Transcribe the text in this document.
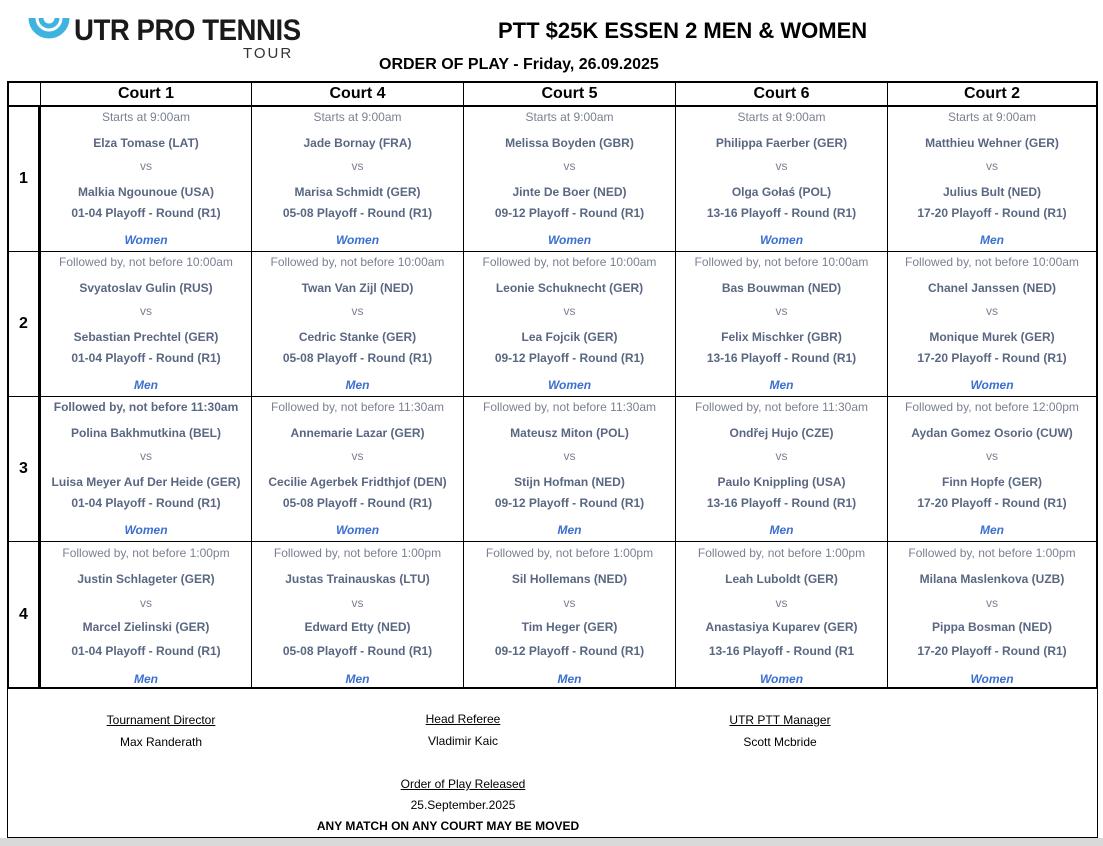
UTR PRO TENNIS
TOUR
PTT $25K ESSEN 2 MEN & WOMEN
ORDER OF PLAY - Friday, 26.09.2025
Court 1	Court 4	Court 5	Court 6	Court 2
1
Starts at 9:00am
Elza Tomase (LAT)
vs
Malkia Ngounoue (USA)
01-04 Playoff - Round (R1)
Women
Starts at 9:00am
Jade Bornay (FRA)
vs
Marisa Schmidt (GER)
05-08 Playoff - Round (R1)
Women
Starts at 9:00am
Melissa Boyden (GBR)
vs
Jinte De Boer (NED)
09-12 Playoff - Round (R1)
Women
Starts at 9:00am
Philippa Faerber (GER)
vs
Olga Gołaś (POL)
13-16 Playoff - Round (R1)
Women
Starts at 9:00am
Matthieu Wehner (GER)
vs
Julius Bult (NED)
17-20 Playoff - Round (R1)
Men
2
Followed by, not before 10:00am
Svyatoslav Gulin (RUS)
vs
Sebastian Prechtel (GER)
01-04 Playoff - Round (R1)
Men
Followed by, not before 10:00am
Twan Van Zijl (NED)
vs
Cedric Stanke (GER)
05-08 Playoff - Round (R1)
Men
Followed by, not before 10:00am
Leonie Schuknecht (GER)
vs
Lea Fojcik (GER)
09-12 Playoff - Round (R1)
Women
Followed by, not before 10:00am
Bas Bouwman (NED)
vs
Felix Mischker (GBR)
13-16 Playoff - Round (R1)
Men
Followed by, not before 10:00am
Chanel Janssen (NED)
vs
Monique Murek (GER)
17-20 Playoff - Round (R1)
Women
3
Followed by, not before 11:30am
Polina Bakhmutkina (BEL)
vs
Luisa Meyer Auf Der Heide (GER)
01-04 Playoff - Round (R1)
Women
Followed by, not before 11:30am
Annemarie Lazar (GER)
vs
Cecilie Agerbek Fridthjof (DEN)
05-08 Playoff - Round (R1)
Women
Followed by, not before 11:30am
Mateusz Miton (POL)
vs
Stijn Hofman (NED)
09-12 Playoff - Round (R1)
Men
Followed by, not before 11:30am
Ondřej Hujo (CZE)
vs
Paulo Knippling (USA)
13-16 Playoff - Round (R1)
Men
Followed by, not before 12:00pm
Aydan Gomez Osorio (CUW)
vs
Finn Hopfe (GER)
17-20 Playoff - Round (R1)
Men
4
Followed by, not before 1:00pm
Justin Schlageter (GER)
vs
Marcel Zielinski (GER)
01-04 Playoff - Round (R1)
Men
Followed by, not before 1:00pm
Justas Trainauskas (LTU)
vs
Edward Etty (NED)
05-08 Playoff - Round (R1)
Men
Followed by, not before 1:00pm
Sil Hollemans (NED)
vs
Tim Heger (GER)
09-12 Playoff - Round (R1)
Men
Followed by, not before 1:00pm
Leah Luboldt (GER)
vs
Anastasiya Kuparev (GER)
13-16 Playoff - Round (R1
Women
Followed by, not before 1:00pm
Milana Maslenkova (UZB)
vs
Pippa Bosman (NED)
17-20 Playoff - Round (R1)
Women
Tournament Director
Max Randerath
Head Referee
Vladimir Kaic
UTR PTT Manager
Scott Mcbride
Order of Play Released
25.September.2025
ANY MATCH ON ANY COURT MAY BE MOVED
